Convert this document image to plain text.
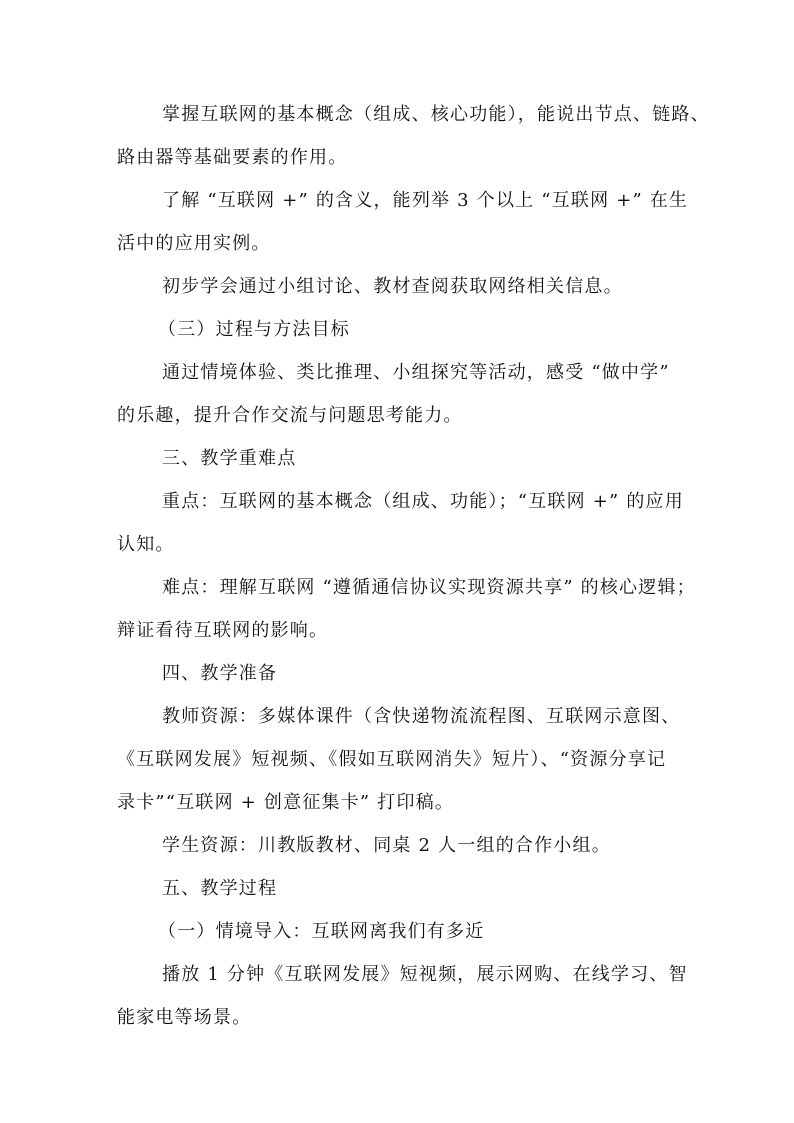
掌握互联网的基本概念（组成、核心功能），能说出节点、链路、

路由器等基础要素的作用。

了解 “互联网 +” 的含义，能列举 3 个以上 “互联网 +” 在生

活中的应用实例。

初步学会通过小组讨论、教材查阅获取网络相关信息。

（三）过程与方法目标

通过情境体验、类比推理、小组探究等活动，感受 “做中学”

的乐趣，提升合作交流与问题思考能力。

三、教学重难点

重点：互联网的基本概念（组成、功能）；“互联网 +” 的应用

认知。

难点：理解互联网 “遵循通信协议实现资源共享” 的核心逻辑；

辩证看待互联网的影响。

四、教学准备

教师资源：多媒体课件（含快递物流流程图、互联网示意图、

《互联网发展》短视频、《假如互联网消失》短片）、“资源分享记

录卡”“互联网 + 创意征集卡” 打印稿。

学生资源：川教版教材、同桌 2 人一组的合作小组。

五、教学过程

（一）情境导入：互联网离我们有多近

播放 1 分钟《互联网发展》短视频，展示网购、在线学习、智

能家电等场景。
